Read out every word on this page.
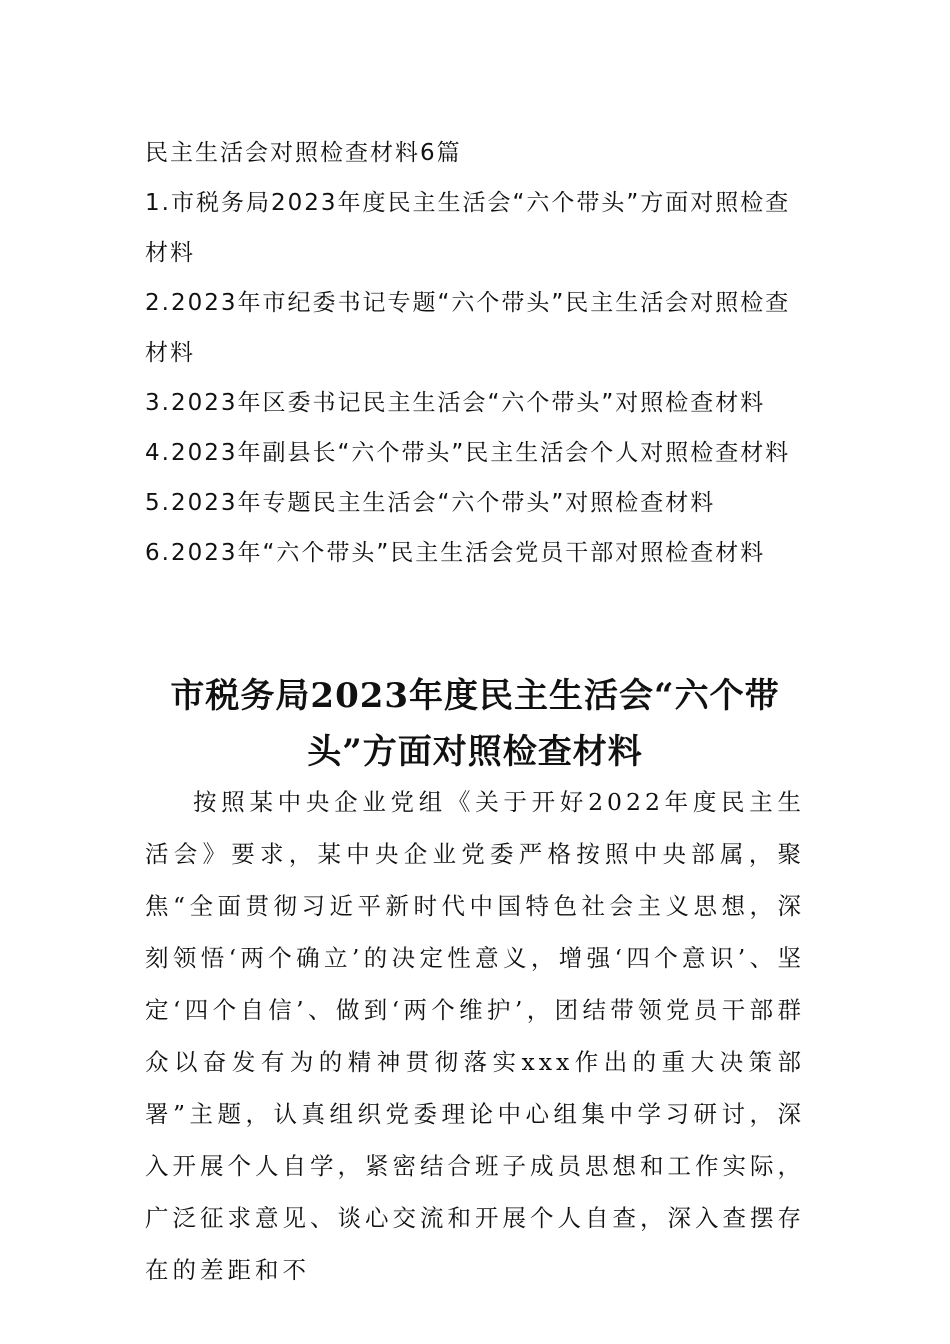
民主生活会对照检查材料6篇

1.市税务局2023年度民主生活会“六个带头”方面对照检查材料

2.2023年市纪委书记专题“六个带头”民主生活会对照检查材料

3.2023年区委书记民主生活会“六个带头”对照检查材料

4.2023年副县长“六个带头”民主生活会个人对照检查材料

5.2023年专题民主生活会“六个带头”对照检查材料

6.2023年“六个带头”民主生活会党员干部对照检查材料

市税务局2023年度民主生活会“六个带
头”方面对照检查材料

按照某中央企业党组《关于开好2022年度民主生活会》要求，某中央企业党委严格按照中央部属，聚焦“全面贯彻习近平新时代中国特色社会主义思想，深刻领悟‘两个确立’的决定性意义，增强‘四个意识’、坚定‘四个自信’、做到‘两个维护’，团结带领党员干部群众以奋发有为的精神贯彻落实xxx作出的重大决策部署”主题，认真组织党委理论中心组集中学习研讨，深入开展个人自学，紧密结合班子成员思想和工作实际，广泛征求意见、谈心交流和开展个人自查，深入查摆存在的差距和不
